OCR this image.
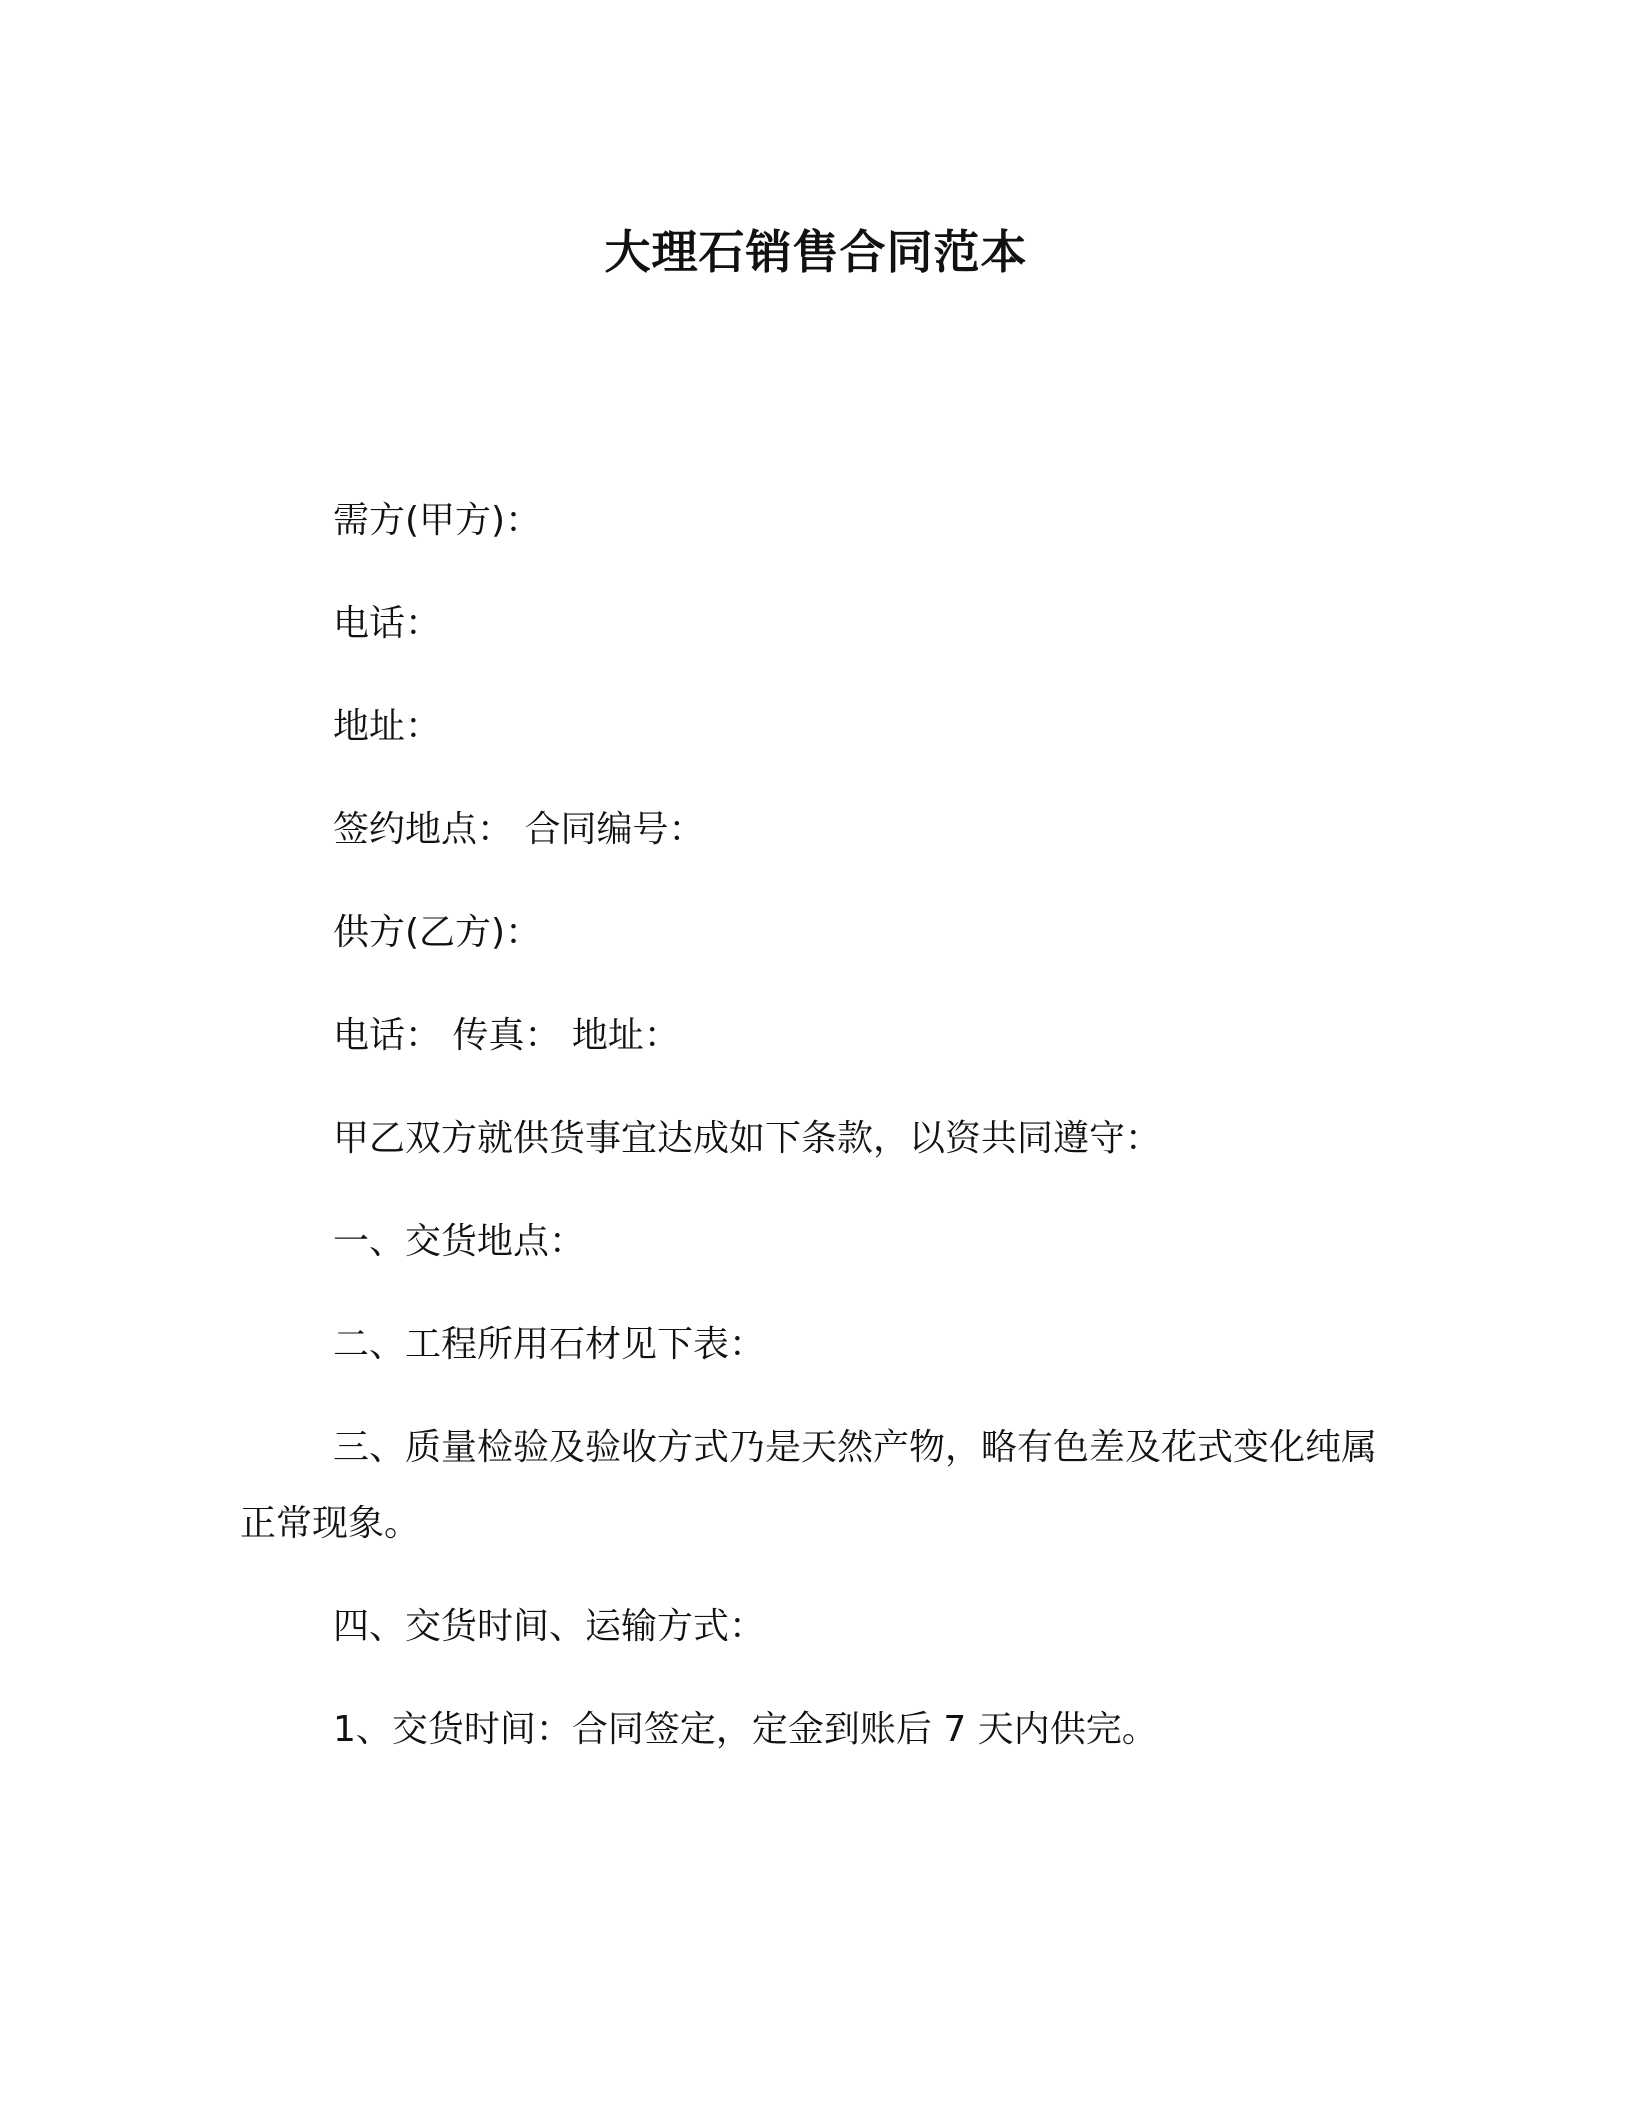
大理石销售合同范本
需方(甲方)：
电话：
地址：
签约地点： 合同编号：
供方(乙方)：
电话： 传真： 地址：
甲乙双方就供货事宜达成如下条款，以资共同遵守：
一、交货地点：
二、工程所用石材见下表：
三、质量检验及验收方式乃是天然产物，略有色差及花式变化纯属正常现象。
四、交货时间、运输方式：
1、交货时间：合同签定，定金到账后 7 天内供完。
